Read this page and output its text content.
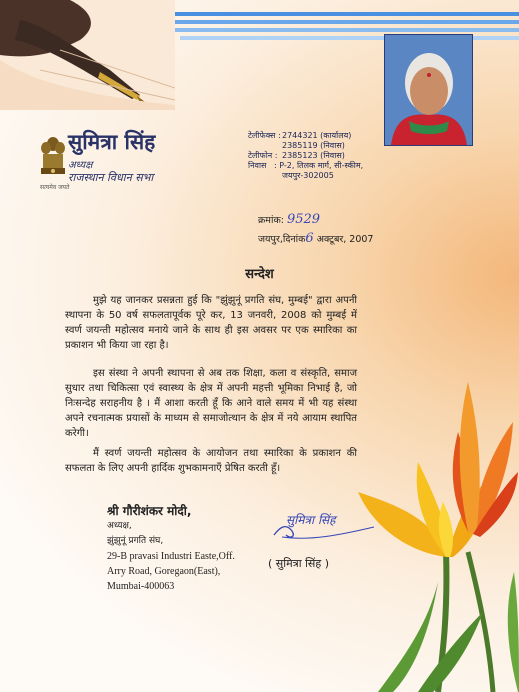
सत्यमेव जयते
सुमित्रा सिंह
अध्यक्ष
राजस्थान विधान सभा
टेलीफेक्स : 2744321 (कार्यालय)
2385119 (निवास)
टेलीफोन : 2385123 (निवास)
निवास : P-2, तिलक मार्ग, सी-स्कीम,
जयपुर-302005
क्रमांक: 9529
जयपुर,दिनांक6 अक्टूबर, 2007
सन्देश

मुझे यह जानकर प्रसन्नता हुई कि "झुंझुनूं प्रगति संघ, मुम्बई" द्वारा अपनी स्थापना के 50 वर्ष सफलतापूर्वक पूरे कर, 13 जनवरी, 2008 को मुम्बई में स्वर्ण जयन्ती महोत्सव मनाये जाने के साथ ही इस अवसर पर एक स्मारिका का प्रकाशन भी किया जा रहा है।

इस संस्था ने अपनी स्थापना से अब तक शिक्षा, कला व संस्कृति, समाज सुधार तथा चिकित्सा एवं स्वास्थ्य के क्षेत्र में अपनी महत्ती भूमिका निभाई है, जो निःसन्देह सराहनीय है । मैं आशा करती हूँ कि आने वाले समय में भी यह संस्था अपने रचनात्मक प्रयासों के माध्यम से समाजोत्थान के क्षेत्र में नये आयाम स्थापित करेगी।

मैं स्वर्ण जयन्ती महोत्सव के आयोजन तथा स्मारिका के प्रकाशन की सफलता के लिए अपनी हार्दिक शुभकामनाएँ प्रेषित करती हूँ।

श्री गौरीशंकर मोदी,
अध्यक्ष,
झुंझुनूं प्रगति संघ,
29-B pravasi Industri Easte,Off.
Arry Road, Goregaon(East),
Mumbai-400063
सुमित्रा सिंह
( सुमित्रा सिंह )
